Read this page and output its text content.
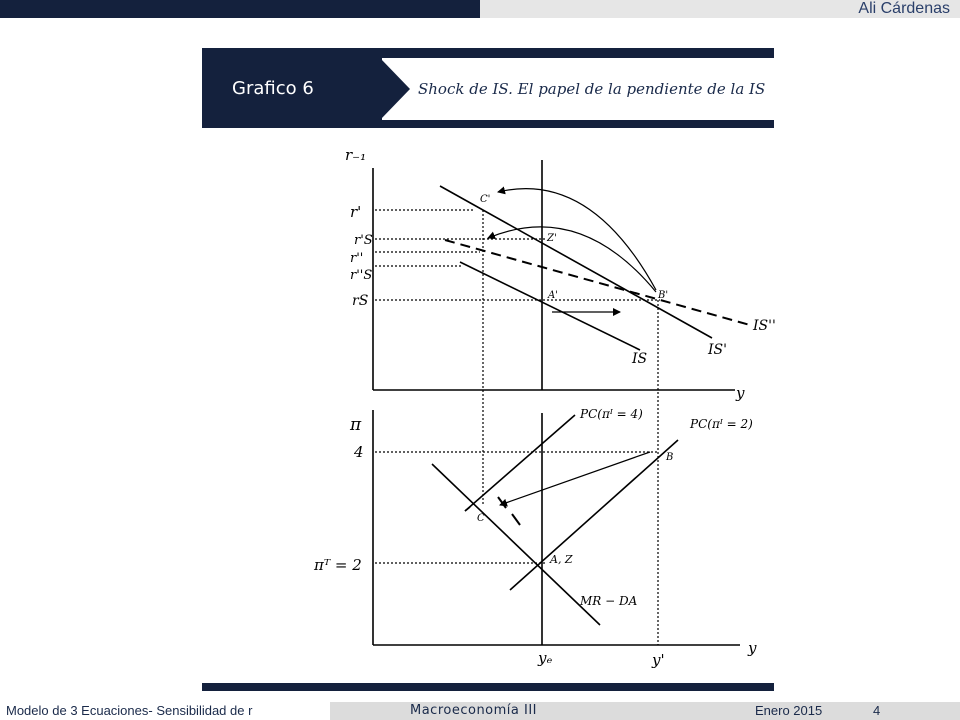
Ali Cárdenas
Grafico 6	Shock de IS. El papel de la pendiente de la IS
r₋₁
y
r'
r'S
r''
r''S
rS
IS
IS'
IS''
C'
Z'
A'	B'
π
y
4
πᵀ = 2
PC(πᴵ = 4)
PC(πᴵ = 2)
MR − DA
B
C
A, Z
yₑ	y'
Modelo de 3 Ecuaciones- Sensibilidad de r	Macroeconomía III	Enero 2015	4
